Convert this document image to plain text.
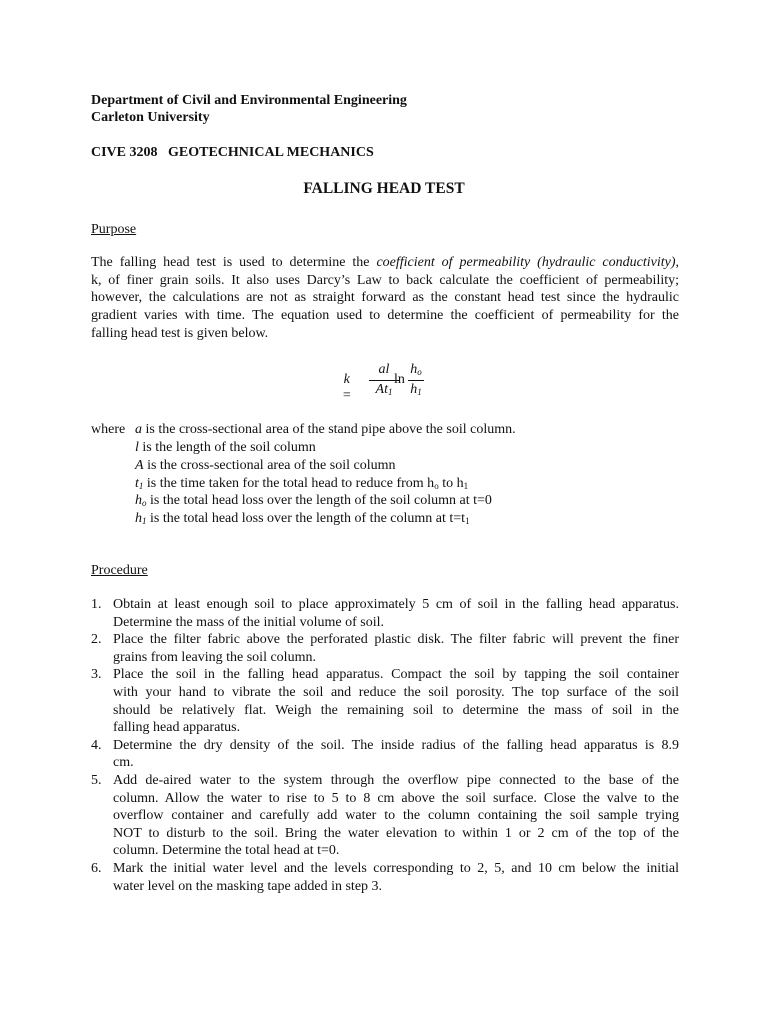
Department of Civil and Environmental Engineering
Carleton University
CIVE 3208   GEOTECHNICAL MECHANICS
FALLING HEAD TEST
Purpose
The falling head test is used to determine the coefficient of permeability (hydraulic conductivity),
k, of finer grain soils. It also uses Darcy’s Law to back calculate the coefficient of permeability;
however, the calculations are not as straight forward as the constant head test since the hydraulic
gradient varies with time. The equation used to determine the coefficient of permeability for the
falling head test is given below.
k =
al
$At_1$
ln
$h_o$
$h_1$
where a is the cross-sectional area of the stand pipe above the soil column.
l is the length of the soil column
A is the cross-sectional area of the soil column
$t_1$ is the time taken for the total head to reduce from $h_o$ to $h_1$
$h_o$ is the total head loss over the length of the soil column at t=0
$h_1$ is the total head loss over the length of the column at $t=t_1$
Procedure
1. Obtain at least enough soil to place approximately 5 cm of soil in the falling head apparatus.
Determine the mass of the initial volume of soil.
2. Place the filter fabric above the perforated plastic disk. The filter fabric will prevent the finer
grains from leaving the soil column.
3. Place the soil in the falling head apparatus. Compact the soil by tapping the soil container
with your hand to vibrate the soil and reduce the soil porosity. The top surface of the soil
should be relatively flat. Weigh the remaining soil to determine the mass of soil in the
falling head apparatus.
4. Determine the dry density of the soil. The inside radius of the falling head apparatus is 8.9
cm.
5. Add de-aired water to the system through the overflow pipe connected to the base of the
column. Allow the water to rise to 5 to 8 cm above the soil surface. Close the valve to the
overflow container and carefully add water to the column containing the soil sample trying
NOT to disturb to the soil. Bring the water elevation to within 1 or 2 cm of the top of the
column. Determine the total head at t=0.
6. Mark the initial water level and the levels corresponding to 2, 5, and 10 cm below the initial
water level on the masking tape added in step 3.
